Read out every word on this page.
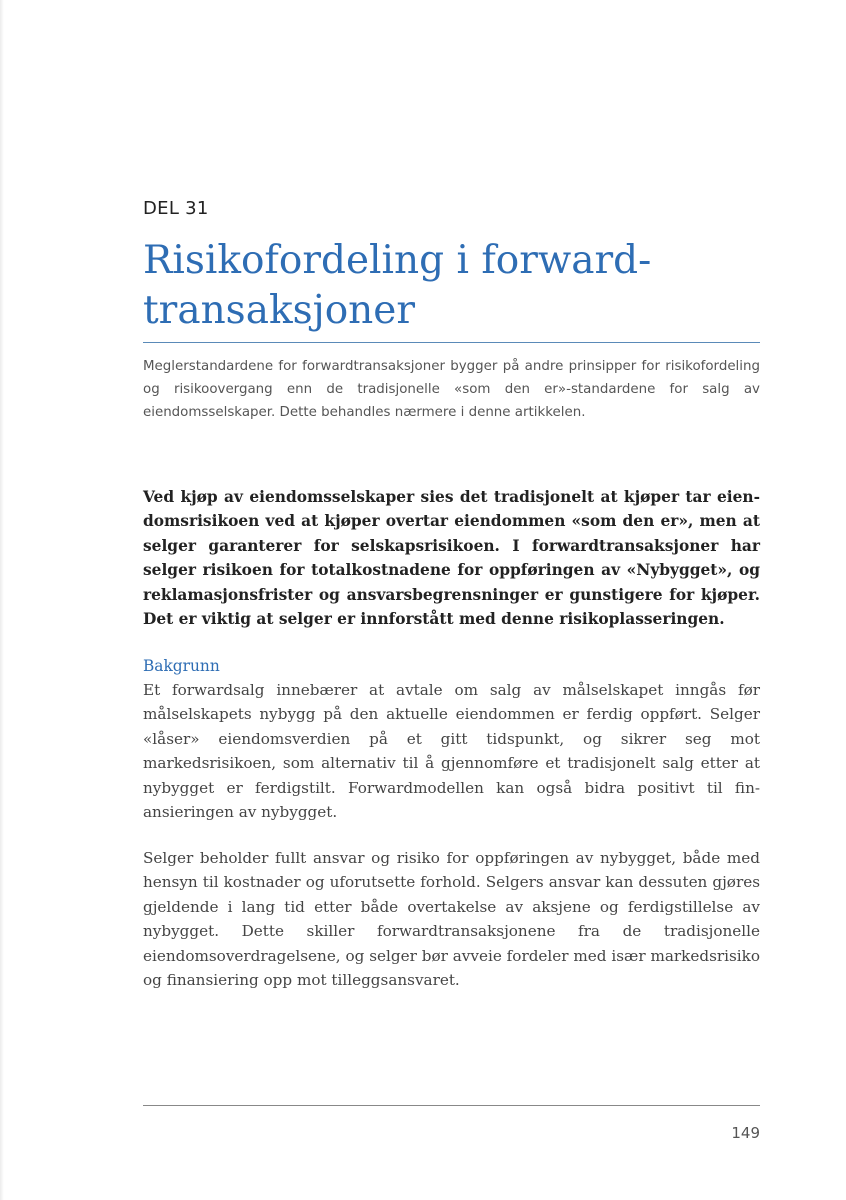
DEL 31
Risikofordeling i forward-transaksjoner

Meglerstandardene for forwardtransaksjoner bygger på andre prinsipper for risikofordeling og risikoovergang enn de tradisjonelle «som den er»-standardene for salg av eiendomsselskaper. Dette behandles nærmere i denne artikkelen.

Ved kjøp av eiendomsselskaper sies det tradisjonelt at kjøper tar eiendomsrisikoen ved at kjøper overtar eiendommen «som den er», men at selger garanterer for selskapsrisikoen. I forwardtransaksjoner har selger risikoen for totalkostnadene for oppføringen av «Nybygget», og reklamasjonsfrister og ansvarsbegrensninger er gunstigere for kjøper. Det er viktig at selger er innforstått med denne risikoplasseringen.

Bakgrunn

Et forwardsalg innebærer at avtale om salg av målselskapet inngås før målselskapets nybygg på den aktuelle eiendommen er ferdig oppført. Selger «låser» eiendomsverdien på et gitt tidspunkt, og sikrer seg mot markedsrisikoen, som alternativ til å gjennomføre et tradisjonelt salg etter at nybygget er ferdigstilt. Forwardmodellen kan også bidra positivt til finansieringen av nybygget.

Selger beholder fullt ansvar og risiko for oppføringen av nybygget, både med hensyn til kostnader og uforutsette forhold. Selgers ansvar kan dessuten gjøres gjeldende i lang tid etter både overtakelse av aksjene og ferdigstillelse av nybygget. Dette skiller forwardtransaksjonene fra de tradisjonelle eiendomsoverdragelsene, og selger bør avveie fordeler med især markedsrisiko og finansiering opp mot tilleggsansvaret.

149
